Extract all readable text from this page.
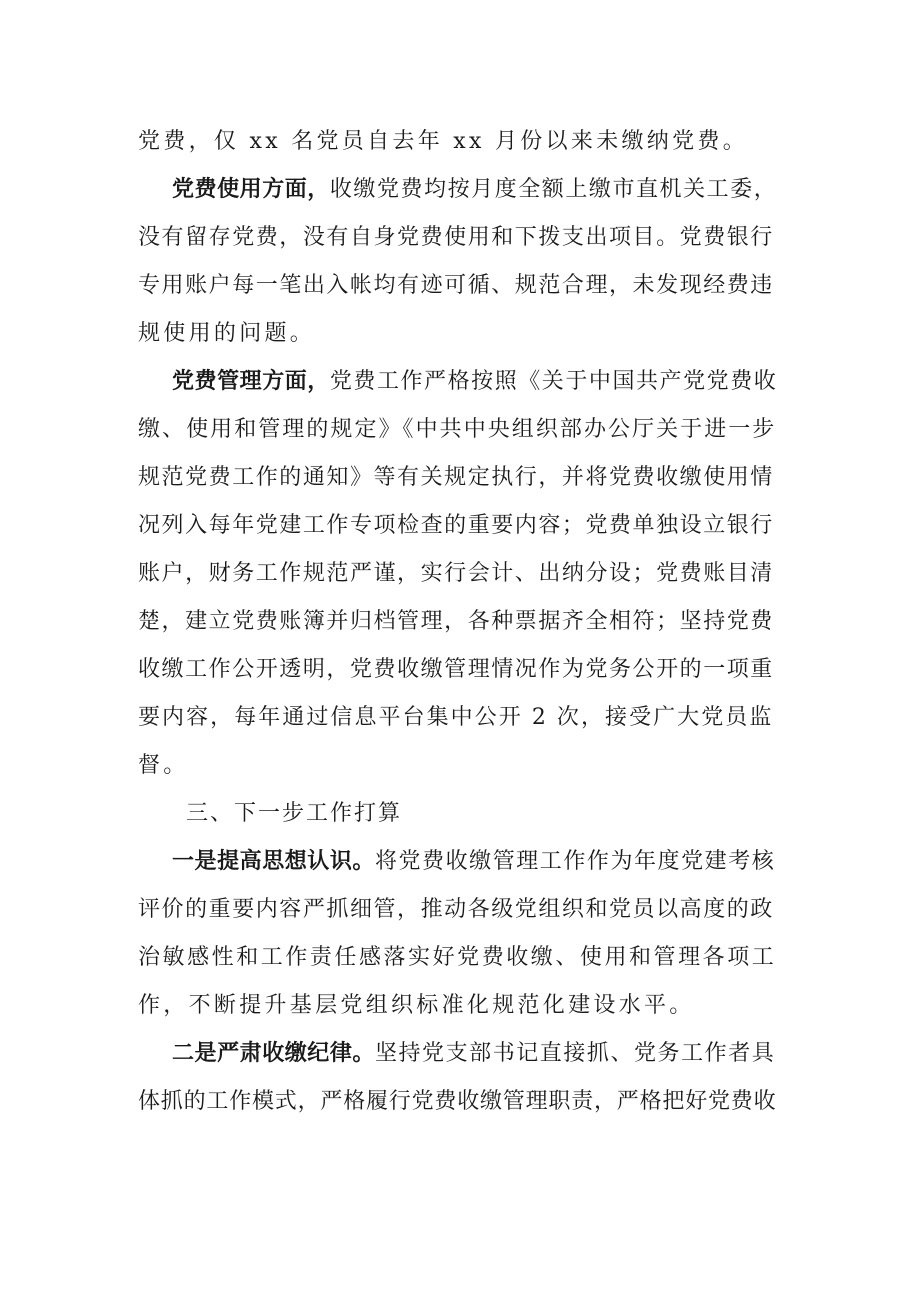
党费，仅 xx 名党员自去年 xx 月份以来未缴纳党费。
党费使用方面，收缴党费均按月度全额上缴市直机关工委，
没有留存党费，没有自身党费使用和下拨支出项目。党费银行
专用账户每一笔出入帐均有迹可循、规范合理，未发现经费违
规使用的问题。
党费管理方面，党费工作严格按照《关于中国共产党党费收
缴、使用和管理的规定》《中共中央组织部办公厅关于进一步
规范党费工作的通知》等有关规定执行，并将党费收缴使用情
况列入每年党建工作专项检查的重要内容；党费单独设立银行
账户，财务工作规范严谨，实行会计、出纳分设；党费账目清
楚，建立党费账簿并归档管理，各种票据齐全相符；坚持党费
收缴工作公开透明，党费收缴管理情况作为党务公开的一项重
要内容，每年通过信息平台集中公开 2 次，接受广大党员监
督。
三、下一步工作打算
一是提高思想认识。将党费收缴管理工作作为年度党建考核
评价的重要内容严抓细管，推动各级党组织和党员以高度的政
治敏感性和工作责任感落实好党费收缴、使用和管理各项工
作，不断提升基层党组织标准化规范化建设水平。
二是严肃收缴纪律。坚持党支部书记直接抓、党务工作者具
体抓的工作模式，严格履行党费收缴管理职责，严格把好党费收
